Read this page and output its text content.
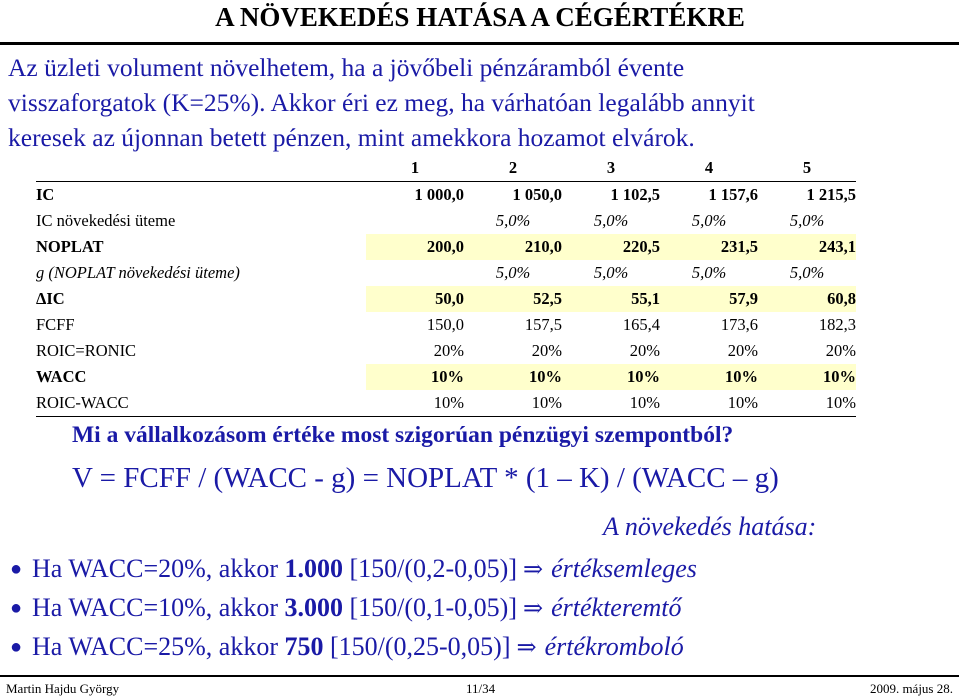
A NÖVEKEDÉS HATÁSA A CÉGÉRTÉKRE
Az üzleti volument növelhetem, ha a jövőbeli pénzáramból évente
visszaforgatok (K=25%). Akkor éri ez meg, ha várhatóan legalább annyit
keresek az újonnan betett pénzen, mint amekkora hozamot elvárok.
	1	2	3	4	5
IC	1 000,0	1 050,0	1 102,5	1 157,6	1 215,5
IC növekedési üteme		5,0%	5,0%	5,0%	5,0%
NOPLAT	200,0	210,0	220,5	231,5	243,1
g (NOPLAT növekedési üteme)		5,0%	5,0%	5,0%	5,0%
ΔIC	50,0	52,5	55,1	57,9	60,8
FCFF	150,0	157,5	165,4	173,6	182,3
ROIC=RONIC	20%	20%	20%	20%	20%
WACC	10%	10%	10%	10%	10%
ROIC-WACC	10%	10%	10%	10%	10%
Mi a vállalkozásom értéke most szigorúan pénzügyi szempontból?
V = FCFF / (WACC - g) = NOPLAT * (1 – K) / (WACC – g)
A növekedés hatása:
● Ha WACC=20%, akkor 1.000 [150/(0,2-0,05)] ⇒ értéksemleges
● Ha WACC=10%, akkor 3.000 [150/(0,1-0,05)] ⇒ értékteremtő
● Ha WACC=25%, akkor 750 [150/(0,25-0,05)] ⇒ értékromboló
Martin Hajdu György	11/34	2009. május 28.
